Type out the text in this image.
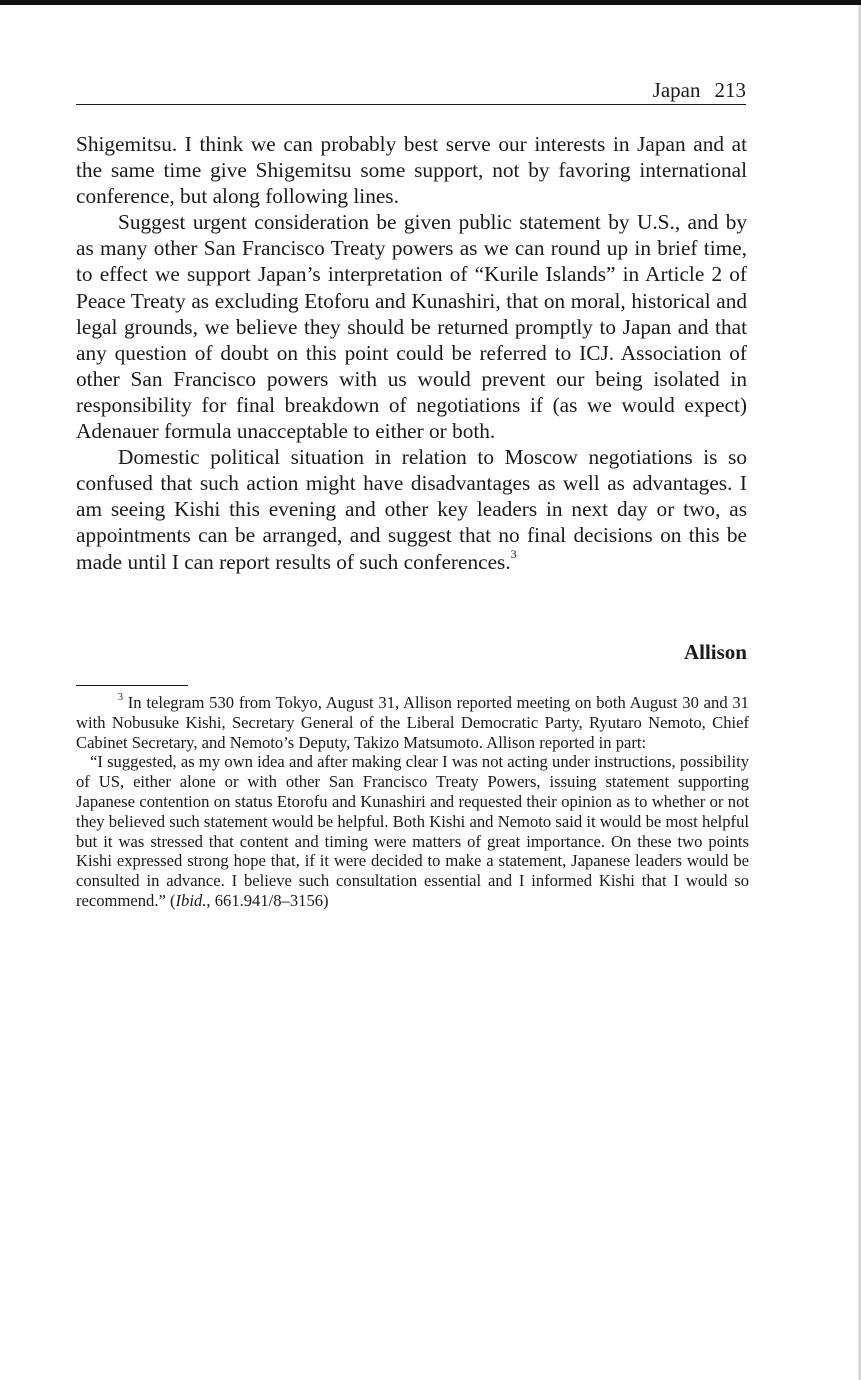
Japan 213

Shigemitsu. I think we can probably best serve our interests in Japan and at the same time give Shigemitsu some support, not by favoring international conference, but along following lines.

Suggest urgent consideration be given public statement by U.S., and by as many other San Francisco Treaty powers as we can round up in brief time, to effect we support Japan’s interpretation of “Kurile Islands” in Article 2 of Peace Treaty as excluding Etoforu and Kunashiri, that on moral, historical and legal grounds, we believe they should be returned promptly to Japan and that any question of doubt on this point could be referred to ICJ. Association of other San Francisco powers with us would prevent our being isolated in responsibility for final breakdown of negotiations if (as we would expect) Adenauer formula unacceptable to either or both.

Domestic political situation in relation to Moscow negotiations is so confused that such action might have disadvantages as well as advantages. I am seeing Kishi this evening and other key leaders in next day or two, as appointments can be arranged, and suggest that no final decisions on this be made until I can report results of such conferences.$^3$

Allison

$^3$ In telegram 530 from Tokyo, August 31, Allison reported meeting on both August 30 and 31 with Nobusuke Kishi, Secretary General of the Liberal Democratic Party, Ryutaro Nemoto, Chief Cabinet Secretary, and Nemoto’s Deputy, Takizo Matsumoto. Allison reported in part:

“I suggested, as my own idea and after making clear I was not acting under instructions, possibility of US, either alone or with other San Francisco Treaty Powers, issuing statement supporting Japanese contention on status Etorofu and Kunashiri and requested their opinion as to whether or not they believed such statement would be helpful. Both Kishi and Nemoto said it would be most helpful but it was stressed that content and timing were matters of great importance. On these two points Kishi expressed strong hope that, if it were decided to make a statement, Japanese leaders would be consulted in advance. I believe such consultation essential and I informed Kishi that I would so recommend.” (Ibid., 661.941/8–3156)
